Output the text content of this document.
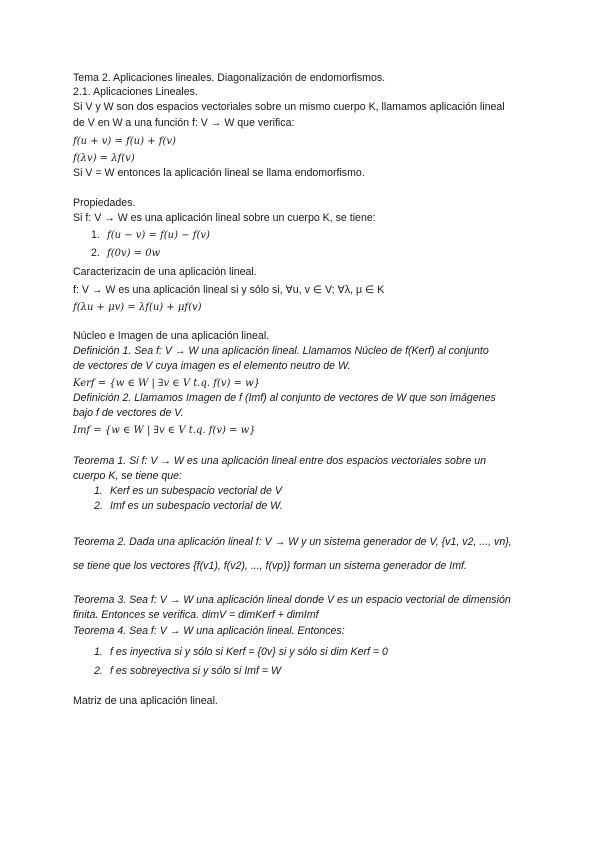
Tema 2. Aplicaciones lineales. Diagonalización de endomorfismos.
2.1. Aplicaciones Lineales.
Si V y W son dos espacios vectoriales sobre un mismo cuerpo K, llamamos aplicación lineal
de V en W a una función f: V → W que verifica:
f(u + v) = f(u) + f(v)
f(λv) = λf(v)
Si V = W entonces la aplicación lineal se llama endomorfismo.
Propiedades.
Si f: V → W es una aplicación lineal sobre un cuerpo K, se tiene:
1. f(u − v) = f(u) − f(v)
2. f(0v) = 0w
Caracterizacin de una aplicación lineal.
f: V → W es una aplicación lineal si y sólo si, ∀u, v ∈ V; ∀λ, μ ∈ K
f(λu + μv) = λf(u) + μf(v)
Núcleo e Imagen de una aplicación lineal.
Definición 1. Sea f: V → W una aplicación lineal. Llamamos Núcleo de f(Kerf) al conjunto
de vectores de V cuya imagen es el elemento neutro de W.
Kerf = {w ∈ W | ∃v ∈ V t.q. f(v) = w}
Definición 2. Llamamos Imagen de f (Imf) al conjunto de vectores de W que son imágenes
bajo f de vectores de V.
Imf = {w ∈ W | ∃v ∈ V t.q. f(v) = w}
Teorema 1. Si f: V → W es una aplicación lineal entre dos espacios vectoriales sobre un
cuerpo K, se tiene que:
1. Kerf es un subespacio vectorial de V
2. Imf es un subespacio vectorial de W.
Teorema 2. Dada una aplicación lineal f: V → W y un sistema generador de V, {v1, v2, ..., vn},
se tiene que los vectores {f(v1), f(v2), ..., f(vp)} forman un sistema generador de Imf.
Teorema 3. Sea f: V → W una aplicación lineal donde V es un espacio vectorial de dimensión
finita. Entonces se verifica. dimV = dimKerf + dimImf
Teorema 4. Sea f: V → W una aplicación lineal. Entonces:
1. f es inyectiva si y sólo si Kerf = {0v} si y sólo si dim Kerf = 0
2. f es sobreyectiva si y sólo si Imf = W
Matriz de una aplicación lineal.
